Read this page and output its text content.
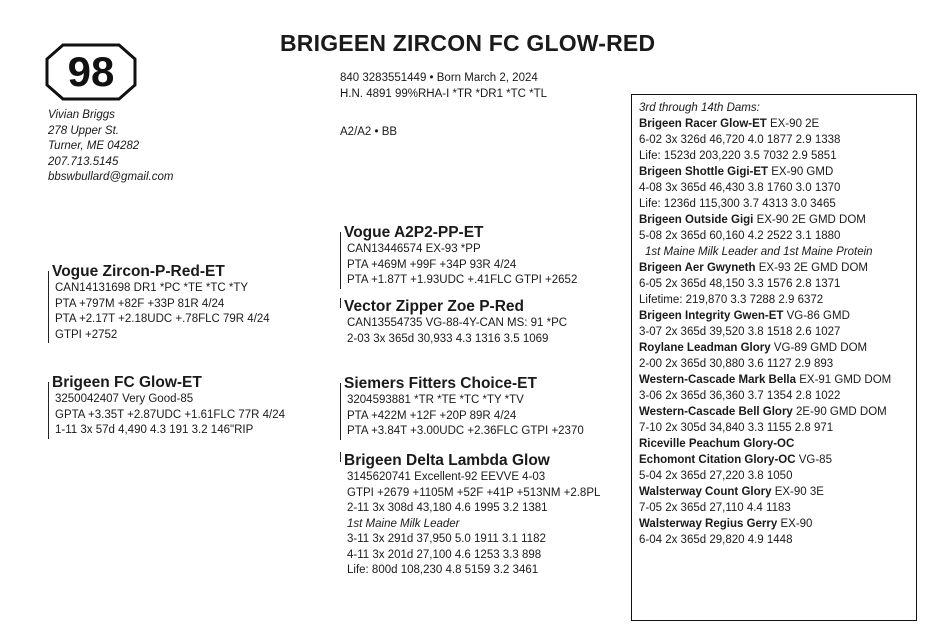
98
BRIGEEN ZIRCON FC GLOW-RED
Vivian Briggs
278 Upper St.
Turner, ME 04282
207.713.5145
bbswbullard@gmail.com
840 3283551449 • Born March 2, 2024
H.N. 4891 99%RHA-I *TR *DR1 *TC *TL
A2/A2 • BB
Vogue A2P2-PP-ET
CAN13446574 EX-93 *PP
PTA +469M +99F +34P 93R 4/24
PTA +1.87T +1.93UDC +.41FLC GTPI +2652
Vector Zipper Zoe P-Red
CAN13554735 VG-88-4Y-CAN MS: 91 *PC
2-03 3x 365d 30,933 4.3 1316 3.5 1069
Vogue Zircon-P-Red-ET
CAN14131698 DR1 *PC *TE *TC *TY
PTA +797M +82F +33P 81R 4/24
PTA +2.17T +2.18UDC +.78FLC 79R 4/24
GTPI +2752
Brigeen FC Glow-ET
3250042407 Very Good-85
GPTA +3.35T +2.87UDC +1.61FLC 77R 4/24
1-11 3x 57d 4,490 4.3 191 3.2 146"RIP
Siemers Fitters Choice-ET
3204593881 *TR *TE *TC *TY *TV
PTA +422M +12F +20P 89R 4/24
PTA +3.84T +3.00UDC +2.36FLC GTPI +2370
Brigeen Delta Lambda Glow
3145620741 Excellent-92 EEVVE 4-03
GTPI +2679 +1105M +52F +41P +513NM +2.8PL
2-11 3x 308d 43,180 4.6 1995 3.2 1381
1st Maine Milk Leader
3-11 3x 291d 37,950 5.0 1911 3.1 1182
4-11 3x 201d 27,100 4.6 1253 3.3 898
Life: 800d 108,230 4.8 5159 3.2 3461
3rd through 14th Dams:
Brigeen Racer Glow-ET EX-90 2E
6-02 3x 326d 46,720 4.0 1877 2.9 1338
Life: 1523d 203,220 3.5 7032 2.9 5851
Brigeen Shottle Gigi-ET EX-90 GMD
4-08 3x 365d 46,430 3.8 1760 3.0 1370
Life: 1236d 115,300 3.7 4313 3.0 3465
Brigeen Outside Gigi EX-90 2E GMD DOM
5-08 2x 365d 60,160 4.2 2522 3.1 1880
1st Maine Milk Leader and 1st Maine Protein
Brigeen Aer Gwyneth EX-93 2E GMD DOM
6-05 2x 365d 48,150 3.3 1576 2.8 1371
Lifetime: 219,870 3.3 7288 2.9 6372
Brigeen Integrity Gwen-ET VG-86 GMD
3-07 2x 365d 39,520 3.8 1518 2.6 1027
Roylane Leadman Glory VG-89 GMD DOM
2-00 2x 365d 30,880 3.6 1127 2.9 893
Western-Cascade Mark Bella EX-91 GMD DOM
3-06 2x 365d 36,360 3.7 1354 2.8 1022
Western-Cascade Bell Glory 2E-90 GMD DOM
7-10 2x 305d 34,840 3.3 1155 2.8 971
Riceville Peachum Glory-OC
Echomont Citation Glory-OC VG-85
5-04 2x 365d 27,220 3.8 1050
Walsterway Count Glory EX-90 3E
7-05 2x 365d 27,110 4.4 1183
Walsterway Regius Gerry EX-90
6-04 2x 365d 29,820 4.9 1448
